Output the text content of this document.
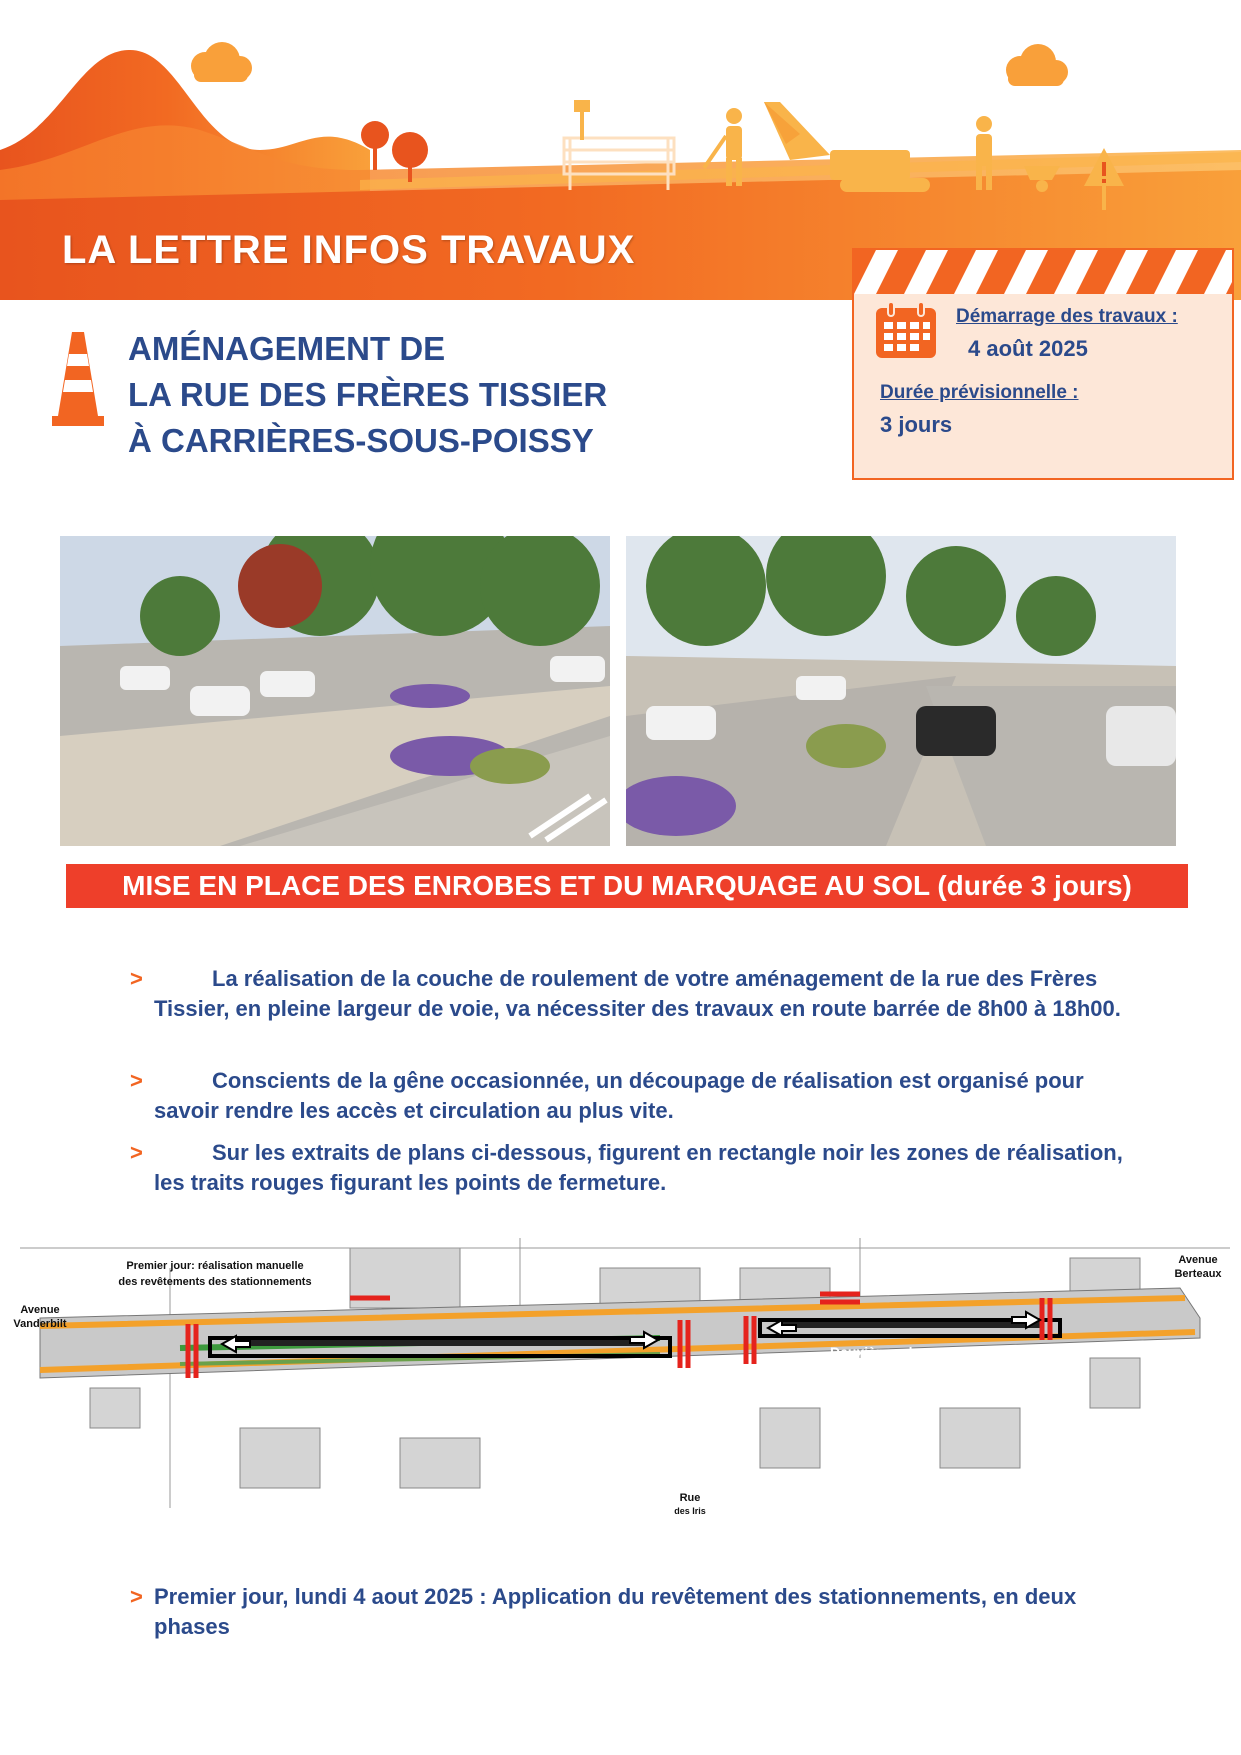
LA LETTRE INFOS TRAVAUX
AMÉNAGEMENT DE
LA RUE DES FRÈRES TISSIER
À CARRIÈRES-SOUS-POISSY
Démarrage des travaux :
4 août 2025
Durée prévisionnelle :
3 jours
MISE EN PLACE DES ENROBES ET DU MARQUAGE AU SOL (durée 3 jours)
>	La réalisation de la couche de roulement de votre aménagement de la rue des Frères Tissier, en pleine largeur de voie, va nécessiter des travaux en route barrée de 8h00 à 18h00.
>	Conscients de la gêne occasionnée, un découpage de réalisation est organisé pour savoir rendre les accès et circulation au plus vite.
>	Sur les extraits de plans ci-dessous, figurent en rectangle noir les zones de réalisation, les traits rouges figurant les points de fermeture.
Premier jour: réalisation manuelle
des revêtements des stationnements
Avenue
Vanderbilt
Avenue
Berteaux
Rue
des Iris
Première phase
Deuxième phase
> Premier jour, lundi 4 aout 2025 : Application du revêtement des stationnements, en deux phases
